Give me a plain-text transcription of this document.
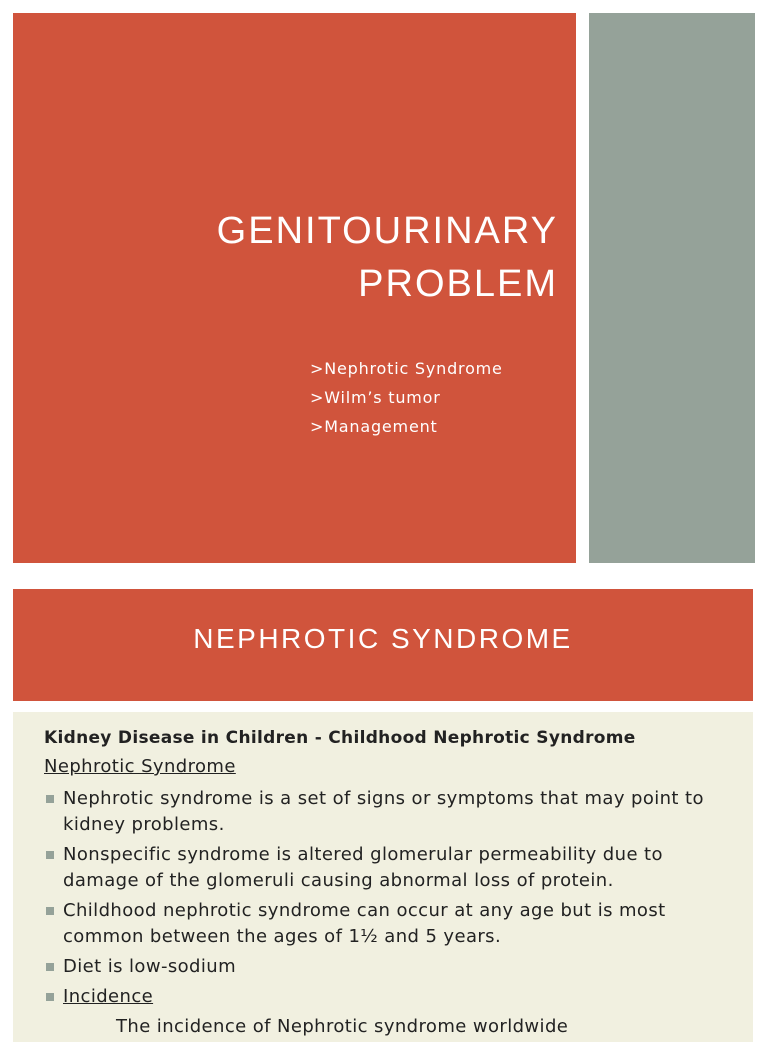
GENITOURINARY
PROBLEM
>Nephrotic Syndrome
>Wilm’s tumor
>Management
NEPHROTIC SYNDROME
Kidney Disease in Children - Childhood Nephrotic Syndrome
Nephrotic Syndrome
Nephrotic syndrome is a set of signs or symptoms that may point to kidney problems.
Nonspecific syndrome is altered glomerular permeability due to damage of the glomeruli causing abnormal loss of protein.
Childhood nephrotic syndrome can occur at any age but is most common between the ages of 1½ and 5 years.
Diet is low-sodium
Incidence
The incidence of Nephrotic syndrome worldwide
